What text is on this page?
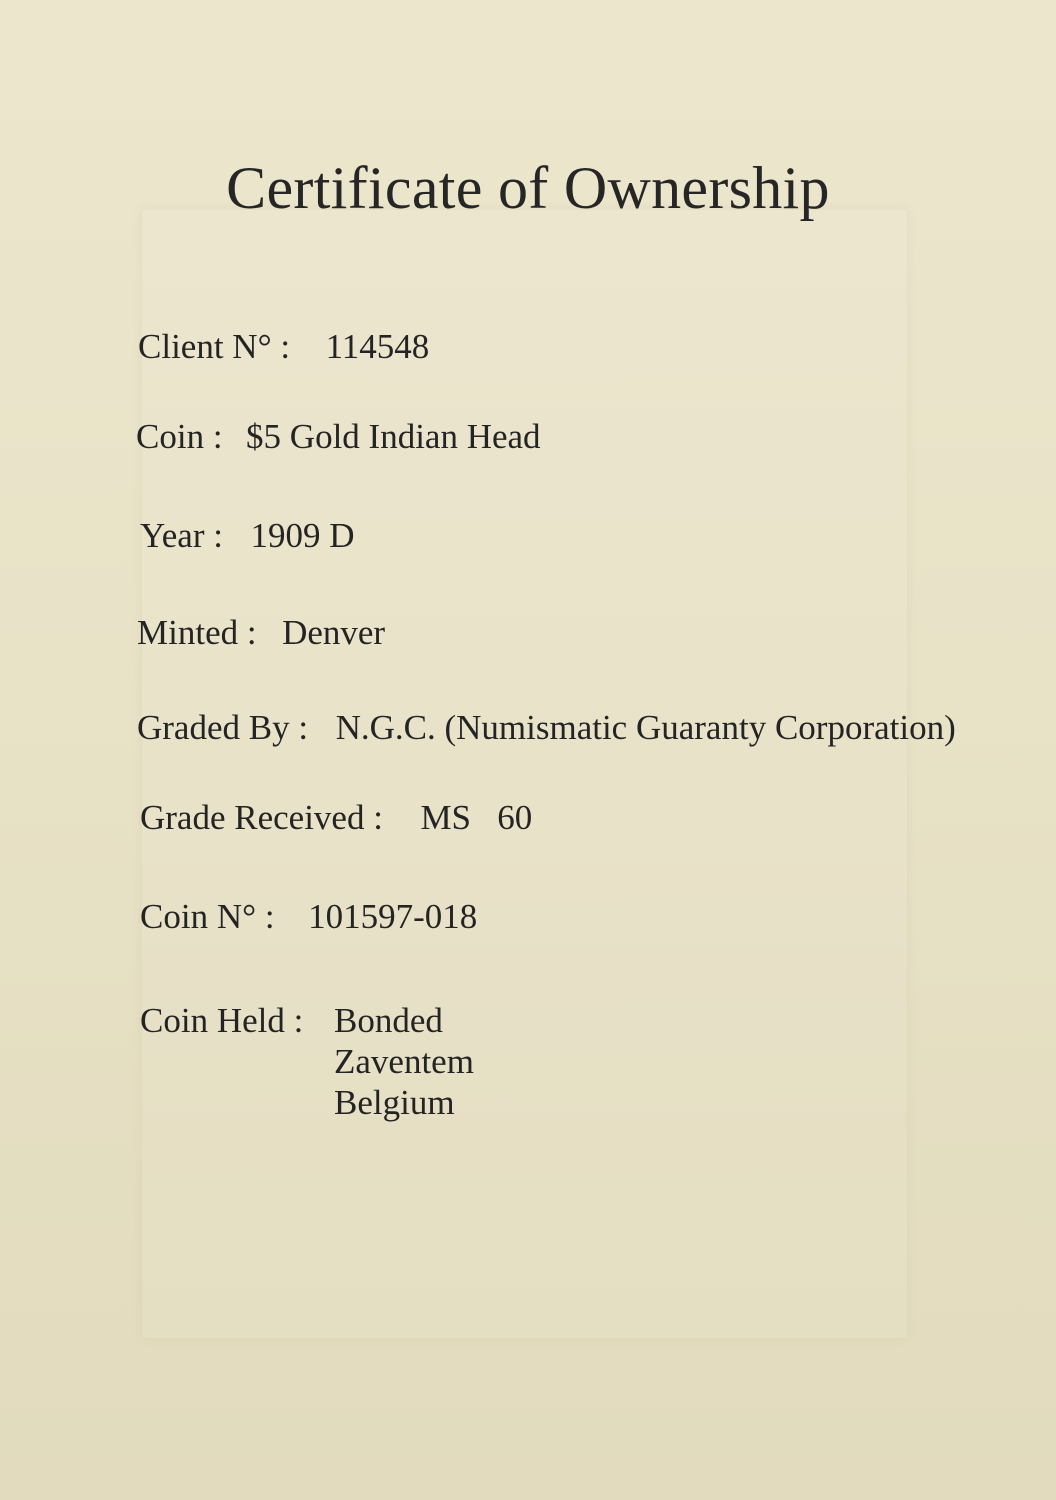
Certificate of Ownership
Client N° : 114548
Coin : $5 Gold Indian Head
Year : 1909 D
Minted : Denver
Graded By : N.G.C. (Numismatic Guaranty Corporation)
Grade Received : MS   60
Coin N° : 101597-018
Coin Held : Bonded
Zaventem
Belgium
